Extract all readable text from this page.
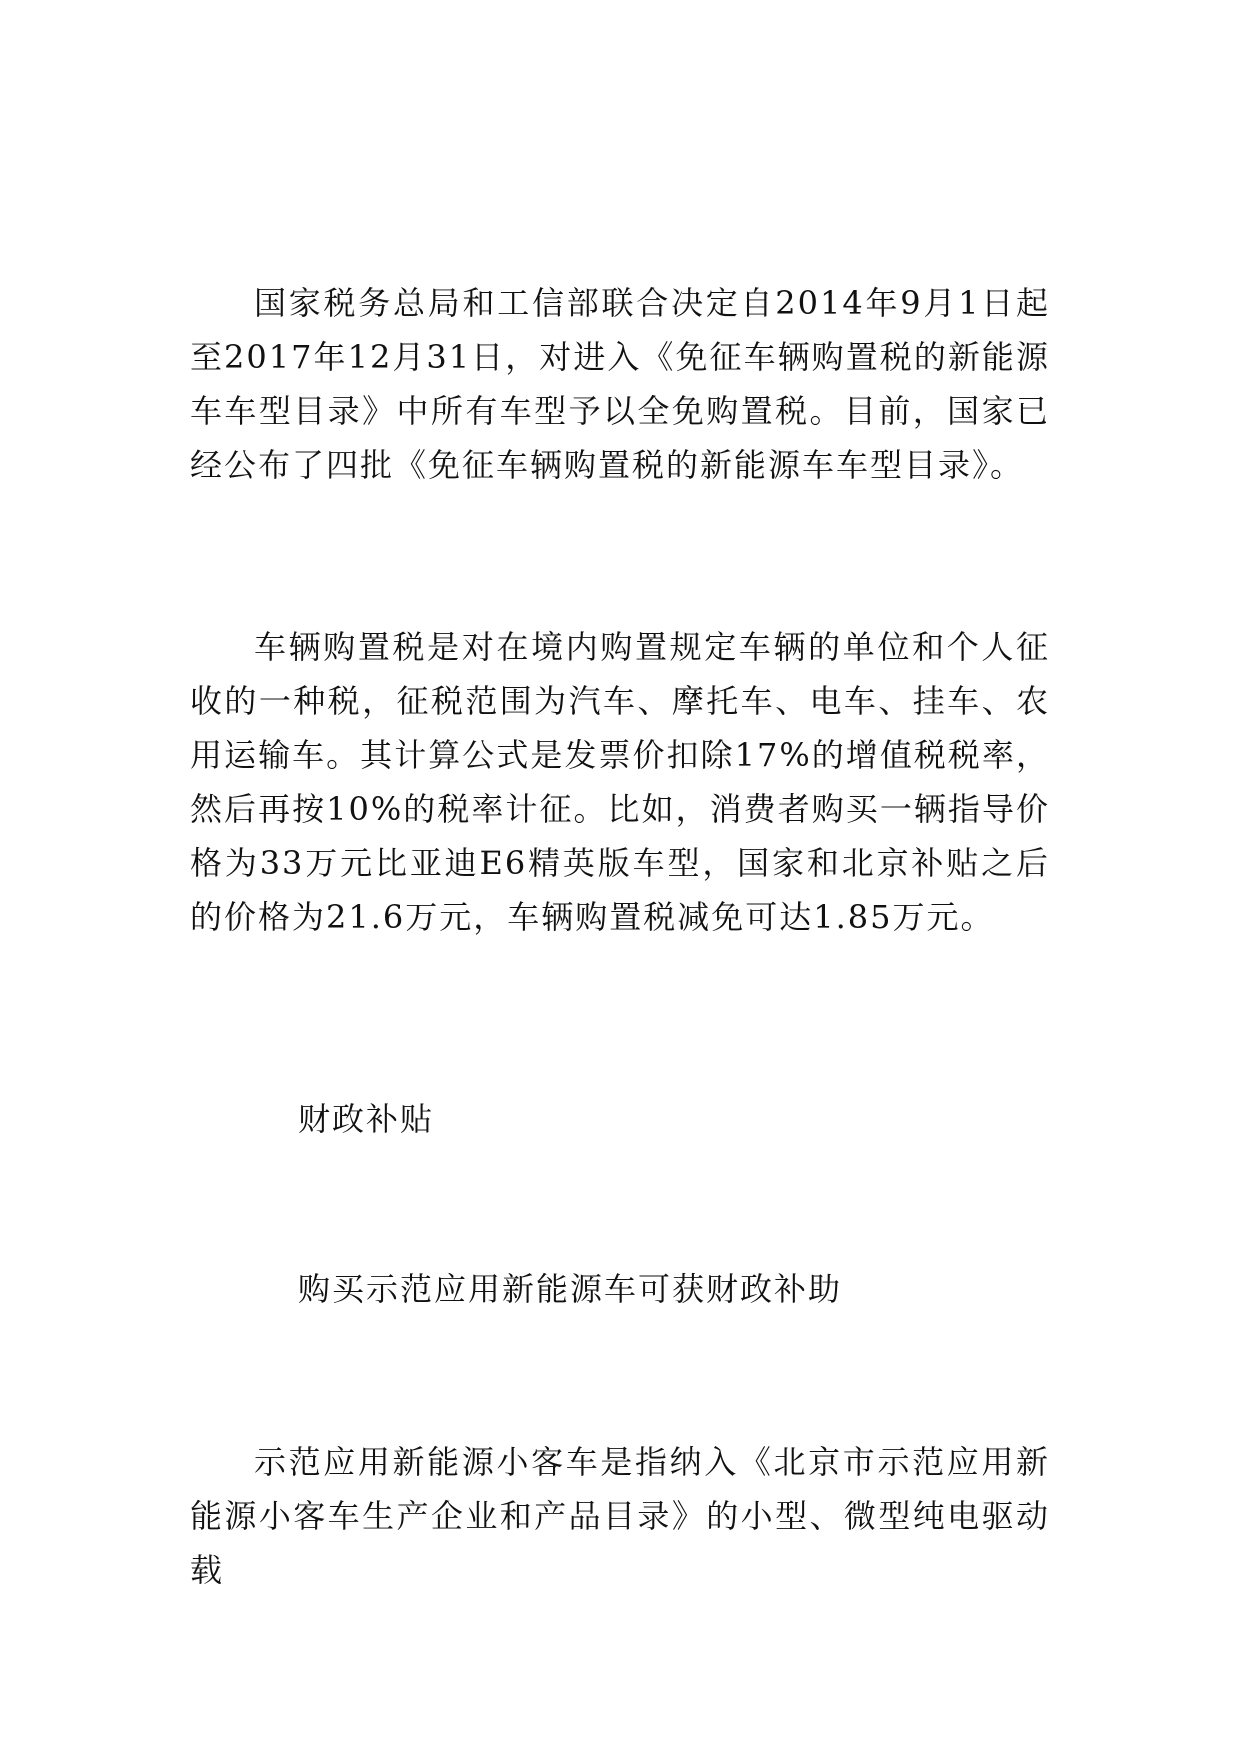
国家税务总局和工信部联合决定自2014年9月1日起至2017年12月31日，对进入《免征车辆购置税的新能源车车型目录》中所有车型予以全免购置税。目前，国家已经公布了四批《免征车辆购置税的新能源车车型目录》。

车辆购置税是对在境内购置规定车辆的单位和个人征收的一种税，征税范围为汽车、摩托车、电车、挂车、农用运输车。其计算公式是发票价扣除17%的增值税税率，然后再按10%的税率计征。比如，消费者购买一辆指导价格为33万元比亚迪E6精英版车型，国家和北京补贴之后的价格为21.6万元，车辆购置税减免可达1.85万元。

财政补贴

购买示范应用新能源车可获财政补助

示范应用新能源小客车是指纳入《北京市示范应用新能源小客车生产企业和产品目录》的小型、微型纯电驱动载
